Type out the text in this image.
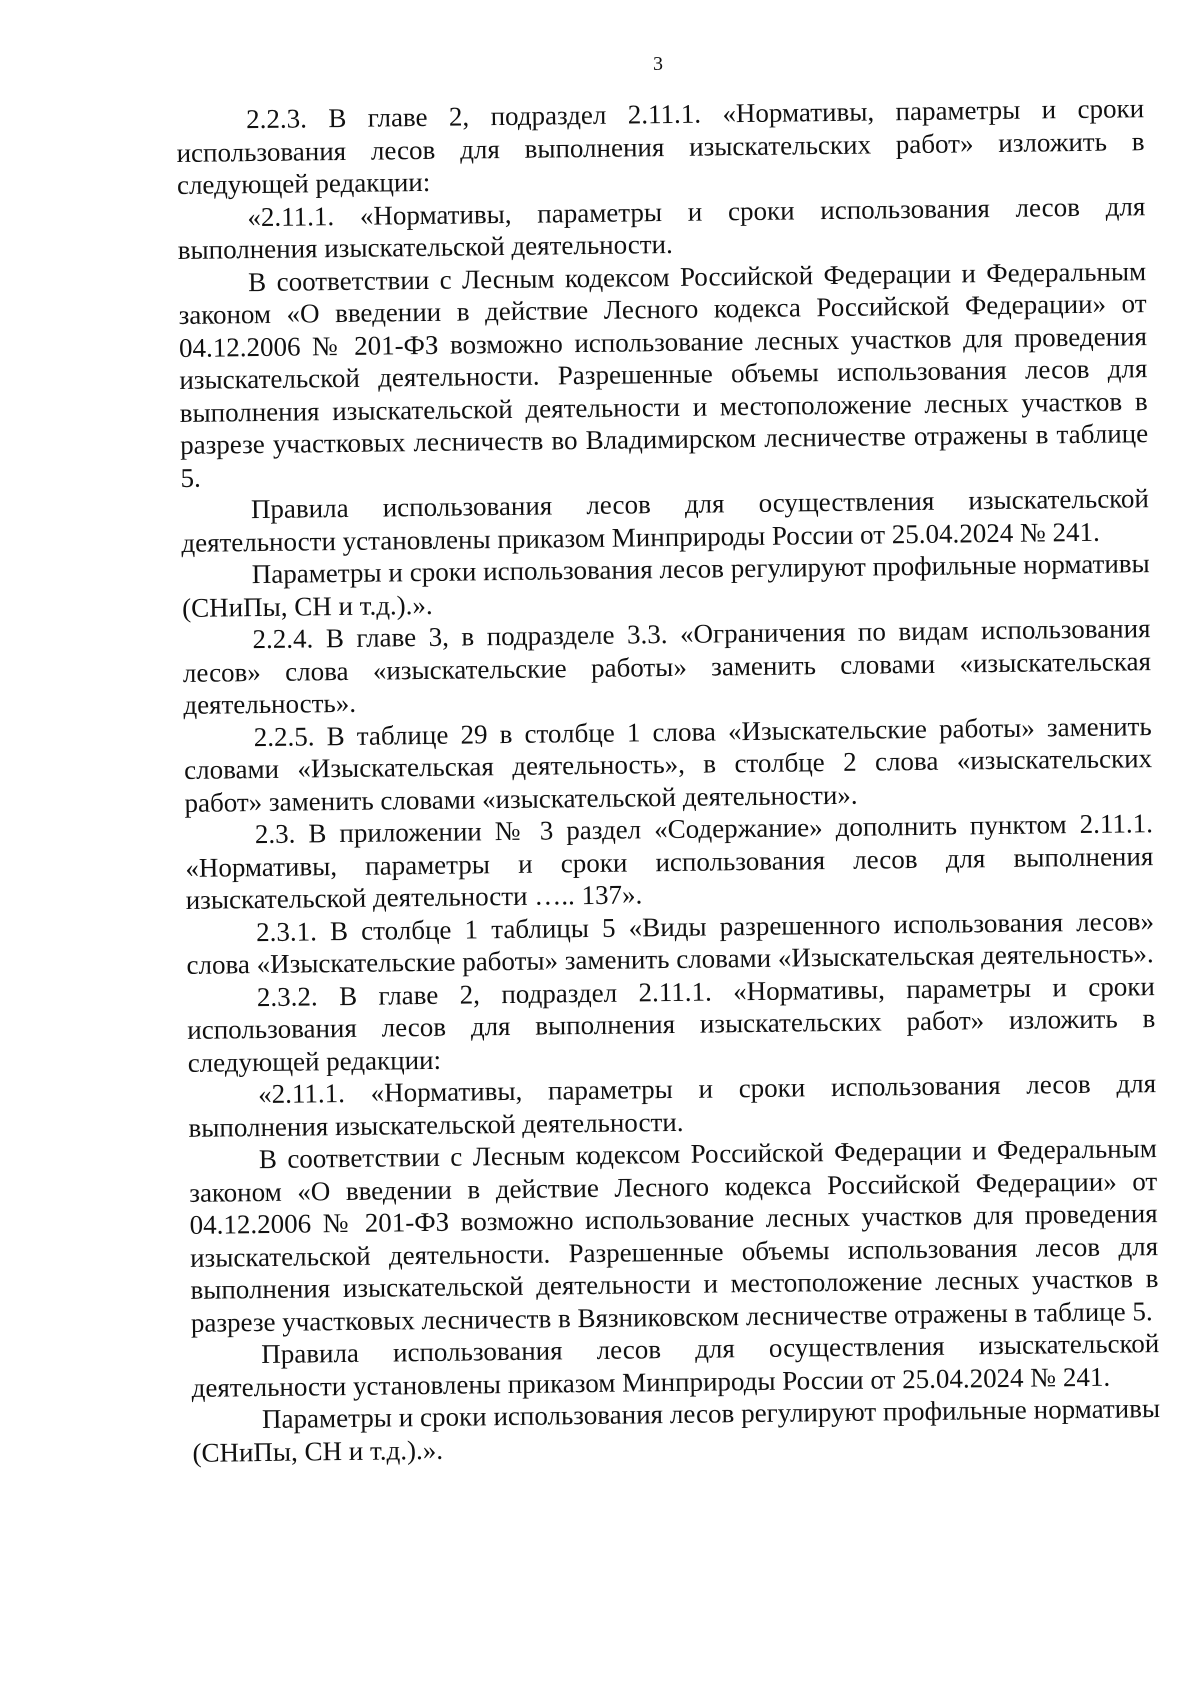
3

2.2.3. В главе 2, подраздел 2.11.1. «Нормативы, параметры и сроки использования лесов для выполнения изыскательских работ» изложить в следующей редакции:

«2.11.1. «Нормативы, параметры и сроки использования лесов для выполнения изыскательской деятельности.

В соответствии с Лесным кодексом Российской Федерации и Федеральным законом «О введении в действие Лесного кодекса Российской Федерации» от 04.12.2006 № 201-ФЗ возможно использование лесных участков для проведения изыскательской деятельности. Разрешенные объемы использования лесов для выполнения изыскательской деятельности и местоположение лесных участков в разрезе участковых лесничеств во Владимирском лесничестве отражены в таблице 5.

Правила использования лесов для осуществления изыскательской деятельности установлены приказом Минприроды России от 25.04.2024 № 241.

Параметры и сроки использования лесов регулируют профильные нормативы (СНиПы, СН и т.д.).».

2.2.4. В главе 3, в подразделе 3.3. «Ограничения по видам использования лесов» слова «изыскательские работы» заменить словами «изыскательская деятельность».

2.2.5. В таблице 29 в столбце 1 слова «Изыскательские работы» заменить словами «Изыскательская деятельность», в столбце 2 слова «изыскательских работ» заменить словами «изыскательской деятельности».

2.3. В приложении № 3 раздел «Содержание» дополнить пунктом 2.11.1. «Нормативы, параметры и сроки использования лесов для выполнения изыскательской деятельности ….. 137».

2.3.1. В столбце 1 таблицы 5 «Виды разрешенного использования лесов» слова «Изыскательские работы» заменить словами «Изыскательская деятельность».

2.3.2. В главе 2, подраздел 2.11.1. «Нормативы, параметры и сроки использования лесов для выполнения изыскательских работ» изложить в следующей редакции:

«2.11.1. «Нормативы, параметры и сроки использования лесов для выполнения изыскательской деятельности.

В соответствии с Лесным кодексом Российской Федерации и Федеральным законом «О введении в действие Лесного кодекса Российской Федерации» от 04.12.2006 № 201-ФЗ возможно использование лесных участков для проведения изыскательской деятельности. Разрешенные объемы использования лесов для выполнения изыскательской деятельности и местоположение лесных участков в разрезе участковых лесничеств в Вязниковском лесничестве отражены в таблице 5.

Правила использования лесов для осуществления изыскательской деятельности установлены приказом Минприроды России от 25.04.2024 № 241.

Параметры и сроки использования лесов регулируют профильные нормативы (СНиПы, СН и т.д.).».
